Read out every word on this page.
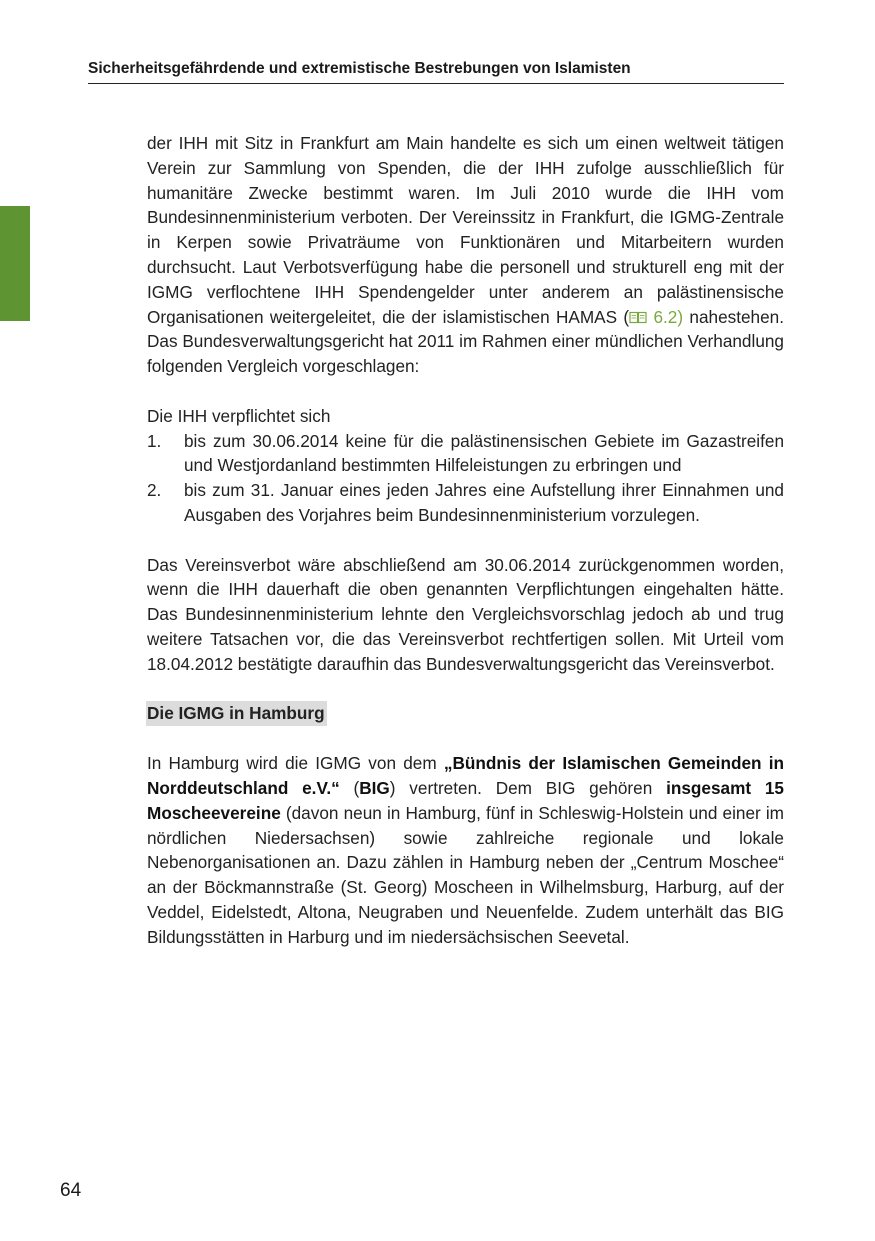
Sicherheitsgefährdende und extremistische Bestrebungen von Islamisten

der IHH mit Sitz in Frankfurt am Main handelte es sich um einen weltweit tätigen Verein zur Sammlung von Spenden, die der IHH zufolge ausschließlich für humanitäre Zwecke bestimmt waren. Im Juli 2010 wurde die IHH vom Bundesinnenministerium verboten. Der Vereinssitz in Frankfurt, die IGMG-Zentrale in Kerpen sowie Privaträume von Funktionären und Mitarbeitern wurden durchsucht. Laut Verbotsverfügung habe die personell und strukturell eng mit der IGMG verflochtene IHH Spendengelder unter anderem an palästinensische Organisationen weitergeleitet, die der islamistischen HAMAS ( 6.2) nahestehen. Das Bundesverwaltungsgericht hat 2011 im Rahmen einer mündlichen Verhandlung folgenden Vergleich vorgeschlagen:

Die IHH verpflichtet sich

1.	bis zum 30.06.2014 keine für die palästinensischen Gebiete im Gazastreifen und Westjordanland bestimmten Hilfeleistungen zu erbringen und
2.	bis zum 31. Januar eines jeden Jahres eine Aufstellung ihrer Einnahmen und Ausgaben des Vorjahres beim Bundesinnenministerium vorzulegen.

Das Vereinsverbot wäre abschließend am 30.06.2014 zurückgenommen worden, wenn die IHH dauerhaft die oben genannten Verpflichtungen eingehalten hätte. Das Bundesinnenministerium lehnte den Vergleichsvorschlag jedoch ab und trug weitere Tatsachen vor, die das Vereinsverbot rechtfertigen sollen. Mit Urteil vom 18.04.2012 bestätigte daraufhin das Bundesverwaltungsgericht das Vereinsverbot.

Die IGMG in Hamburg

In Hamburg wird die IGMG von dem „Bündnis der Islamischen Gemeinden in Norddeutschland e.V.“ (BIG) vertreten. Dem BIG gehören insgesamt 15 Moscheevereine (davon neun in Hamburg, fünf in Schleswig-Holstein und einer im nördlichen Niedersachsen) sowie zahlreiche regionale und lokale Nebenorganisationen an. Dazu zählen in Hamburg neben der „Centrum Moschee“ an der Böckmannstraße (St. Georg) Moscheen in Wilhelmsburg, Harburg, auf der Veddel, Eidelstedt, Altona, Neugraben und Neuenfelde. Zudem unterhält das BIG Bildungsstätten in Harburg und im niedersächsischen Seevetal.

64
